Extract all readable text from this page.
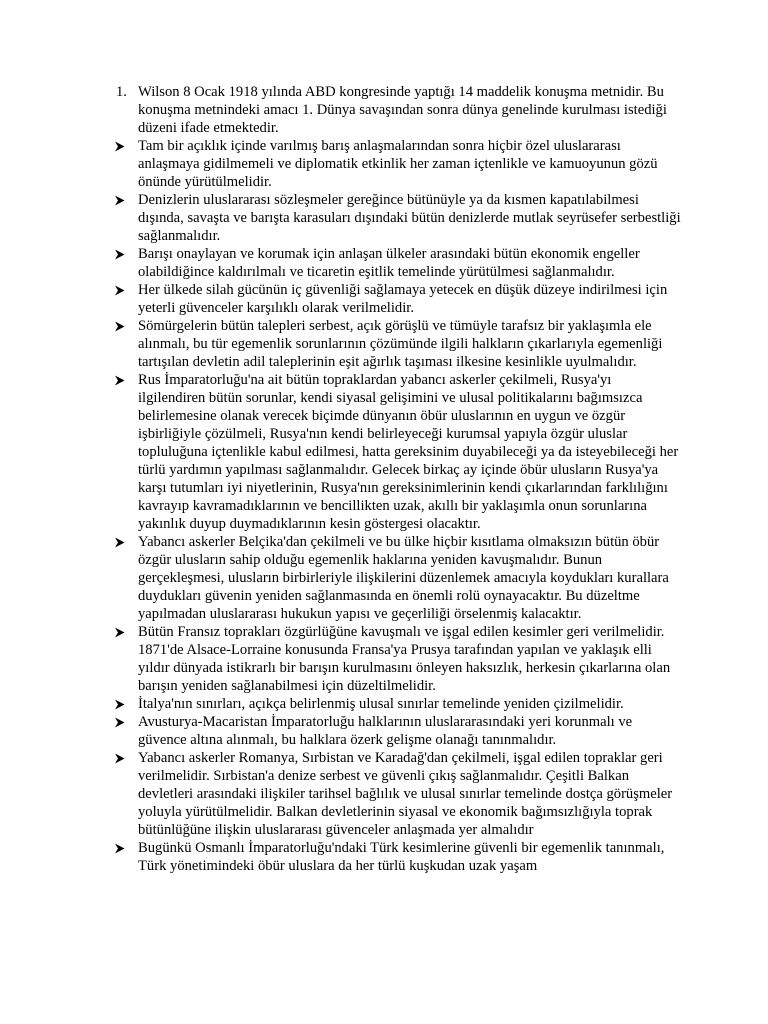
1. Wilson 8 Ocak 1918 yılında ABD kongresinde yaptığı 14 maddelik konuşma metnidir. Bu konuşma metnindeki amacı 1. Dünya savaşından sonra dünya genelinde kurulması istediği düzeni ifade etmektedir.
Tam bir açıklık içinde varılmış barış anlaşmalarından sonra hiçbir özel uluslararası anlaşmaya gidilmemeli ve diplomatik etkinlik her zaman içtenlikle ve kamuoyunun gözü önünde yürütülmelidir.
Denizlerin uluslararası sözleşmeler gereğince bütünüyle ya da kısmen kapatılabilmesi dışında, savaşta ve barışta karasuları dışındaki bütün denizlerde mutlak seyrüsefer serbestliği sağlanmalıdır.
Barışı onaylayan ve korumak için anlaşan ülkeler arasındaki bütün ekonomik engeller olabildiğince kaldırılmalı ve ticaretin eşitlik temelinde yürütülmesi sağlanmalıdır.
Her ülkede silah gücünün iç güvenliği sağlamaya yetecek en düşük düzeye indirilmesi için yeterli güvenceler karşılıklı olarak verilmelidir.
Sömürgelerin bütün talepleri serbest, açık görüşlü ve tümüyle tarafsız bir yaklaşımla ele alınmalı, bu tür egemenlik sorunlarının çözümünde ilgili halkların çıkarlarıyla egemenliği tartışılan devletin adil taleplerinin eşit ağırlık taşıması ilkesine kesinlikle uyulmalıdır.
Rus İmparatorluğu'na ait bütün topraklardan yabancı askerler çekilmeli, Rusya'yı ilgilendiren bütün sorunlar, kendi siyasal gelişimini ve ulusal politikalarını bağımsızca belirlemesine olanak verecek biçimde dünyanın öbür uluslarının en uygun ve özgür işbirliğiyle çözülmeli, Rusya'nın kendi belirleyeceği kurumsal yapıyla özgür uluslar topluluğuna içtenlikle kabul edilmesi, hatta gereksinim duyabileceği ya da isteyebileceği her türlü yardımın yapılması sağlanmalıdır. Gelecek birkaç ay içinde öbür ulusların Rusya'ya karşı tutumları iyi niyetlerinin, Rusya'nın gereksinimlerinin kendi çıkarlarından farklılığını kavrayıp kavramadıklarının ve bencillikten uzak, akıllı bir yaklaşımla onun sorunlarına yakınlık duyup duymadıklarının kesin göstergesi olacaktır.
Yabancı askerler Belçika'dan çekilmeli ve bu ülke hiçbir kısıtlama olmaksızın bütün öbür özgür ulusların sahip olduğu egemenlik haklarına yeniden kavuşmalıdır. Bunun gerçekleşmesi, ulusların birbirleriyle ilişkilerini düzenlemek amacıyla koydukları kurallara duydukları güvenin yeniden sağlanmasında en önemli rolü oynayacaktır. Bu düzeltme yapılmadan uluslararası hukukun yapısı ve geçerliliği örselenmiş kalacaktır.
Bütün Fransız toprakları özgürlüğüne kavuşmalı ve işgal edilen kesimler geri verilmelidir. 1871'de Alsace-Lorraine konusunda Fransa'ya Prusya tarafından yapılan ve yaklaşık elli yıldır dünyada istikrarlı bir barışın kurulmasını önleyen haksızlık, herkesin çıkarlarına olan barışın yeniden sağlanabilmesi için düzeltilmelidir.
İtalya'nın sınırları, açıkça belirlenmiş ulusal sınırlar temelinde yeniden çizilmelidir.
Avusturya-Macaristan İmparatorluğu halklarının uluslararasındaki yeri korunmalı ve güvence altına alınmalı, bu halklara özerk gelişme olanağı tanınmalıdır.
Yabancı askerler Romanya, Sırbistan ve Karadağ'dan çekilmeli, işgal edilen topraklar geri verilmelidir. Sırbistan'a denize serbest ve güvenli çıkış sağlanmalıdır. Çeşitli Balkan devletleri arasındaki ilişkiler tarihsel bağlılık ve ulusal sınırlar temelinde dostça görüşmeler yoluyla yürütülmelidir. Balkan devletlerinin siyasal ve ekonomik bağımsızlığıyla toprak bütünlüğüne ilişkin uluslararası güvenceler anlaşmada yer almalıdır
Bugünkü Osmanlı İmparatorluğu'ndaki Türk kesimlerine güvenli bir egemenlik tanınmalı, Türk yönetimindeki öbür uluslara da her türlü kuşkudan uzak yaşam
